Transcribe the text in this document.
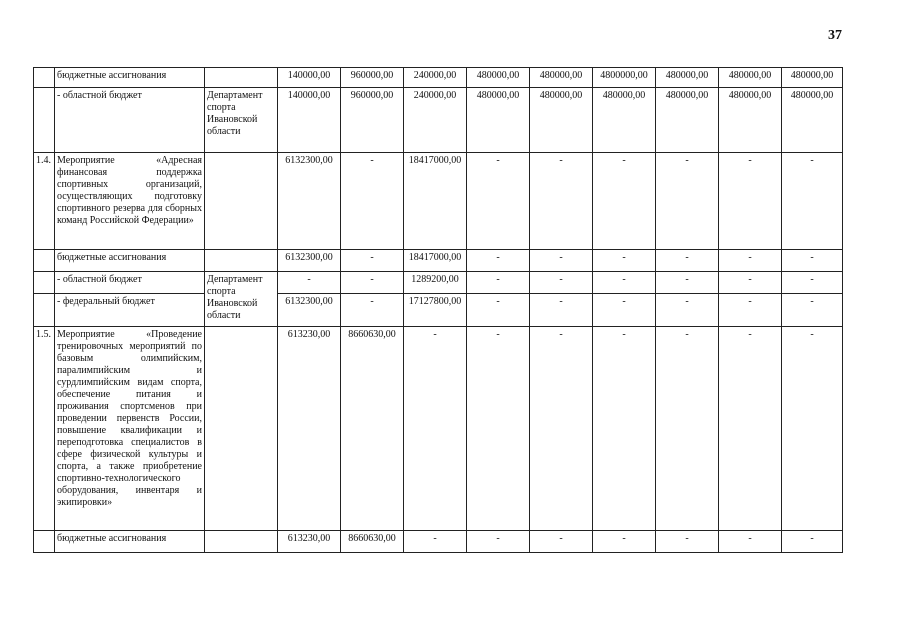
37
	бюджетные ассигнования		140000,00	960000,00	240000,00	480000,00	480000,00	4800000,00	480000,00	480000,00	480000,00
	- областной бюджет	Департамент спорта Ивановской области	140000,00	960000,00	240000,00	480000,00	480000,00	480000,00	480000,00	480000,00	480000,00
1.4.	Мероприятие «Адресная финансовая поддержка спортивных организаций, осуществляющих подготовку спортивного резерва для сборных команд Российской Федерации»		6132300,00	-	18417000,00	-	-	-	-	-	-
	бюджетные ассигнования		6132300,00	-	18417000,00	-	-	-	-	-	-
	- областной бюджет	Департамент спорта Ивановской области	-	-	1289200,00	-	-	-	-	-	-
	- федеральный бюджет		6132300,00	-	17127800,00	-	-	-	-	-	-
1.5.	Мероприятие «Проведение тренировочных мероприятий по базовым олимпийским, паралимпийским и сурдлимпийским видам спорта, обеспечение питания и проживания спортсменов при проведении первенств России, повышение квалификации и переподготовка специалистов в сфере физической культуры и спорта, а также приобретение спортивно-технологического оборудования, инвентаря и экипировки»		613230,00	8660630,00	-	-	-	-	-	-	-
	бюджетные ассигнования		613230,00	8660630,00	-	-	-	-	-	-	-
